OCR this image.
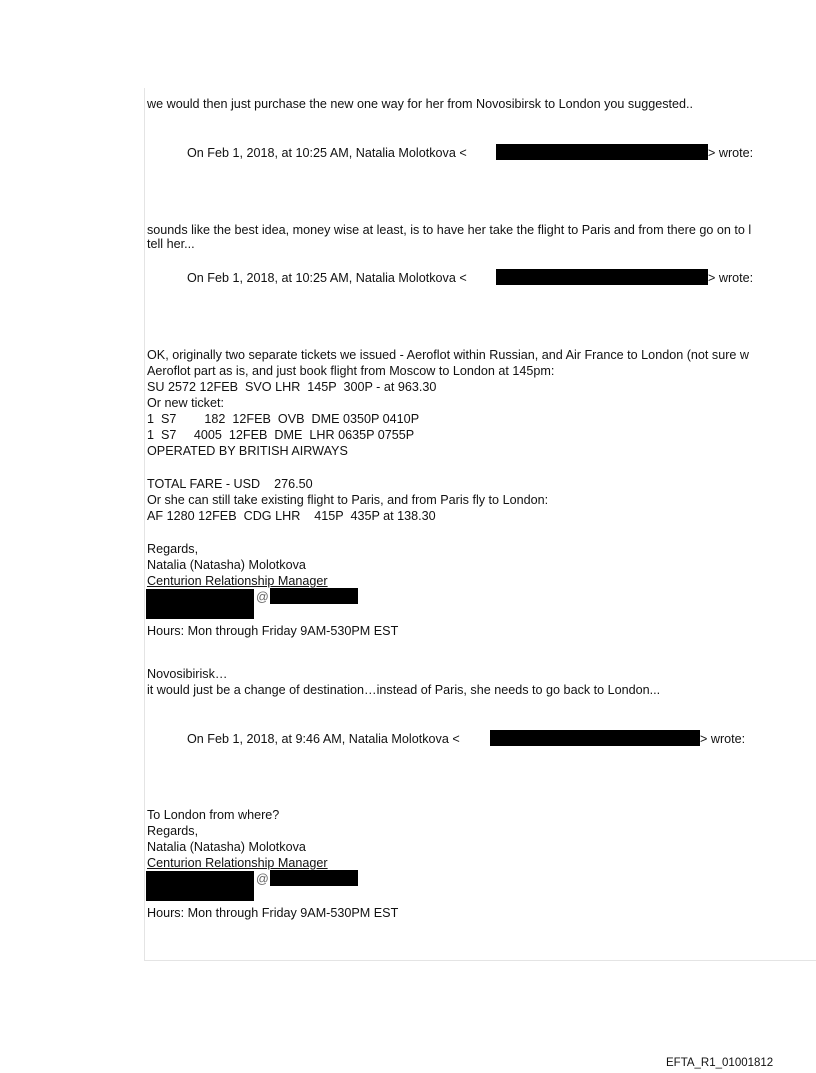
we would then just purchase the new one way for her from Novosibirsk to London you suggested..
On Feb 1, 2018, at 10:25 AM, Natalia Molotkova <	> wrote:
sounds like the best idea, money wise at least, is to have her take the flight to Paris and from there go on to l
tell her...
On Feb 1, 2018, at 10:25 AM, Natalia Molotkova <	> wrote:
OK, originally two separate tickets we issued - Aeroflot within Russian, and Air France to London (not sure w
Aeroflot part as is, and just book flight from Moscow to London at 145pm:
SU 2572 12FEB  SVO LHR  145P  300P - at 963.30
Or new ticket:
1  S7        182  12FEB  OVB  DME 0350P 0410P
1  S7     4005  12FEB  DME  LHR 0635P 0755P
OPERATED BY BRITISH AIRWAYS
TOTAL FARE - USD    276.50
Or she can still take existing flight to Paris, and from Paris fly to London:
AF 1280 12FEB  CDG LHR    415P  435P at 138.30
Regards,
Natalia (Natasha) Molotkova
Centurion Relationship Manager
@
Hours: Mon through Friday 9AM-530PM EST
Novosibirisk…
it would just be a change of destination…instead of Paris, she needs to go back to London...
On Feb 1, 2018, at 9:46 AM, Natalia Molotkova <	> wrote:
To London from where?
Regards,
Natalia (Natasha) Molotkova
Centurion Relationship Manager
@
Hours: Mon through Friday 9AM-530PM EST
EFTA_R1_01001812
